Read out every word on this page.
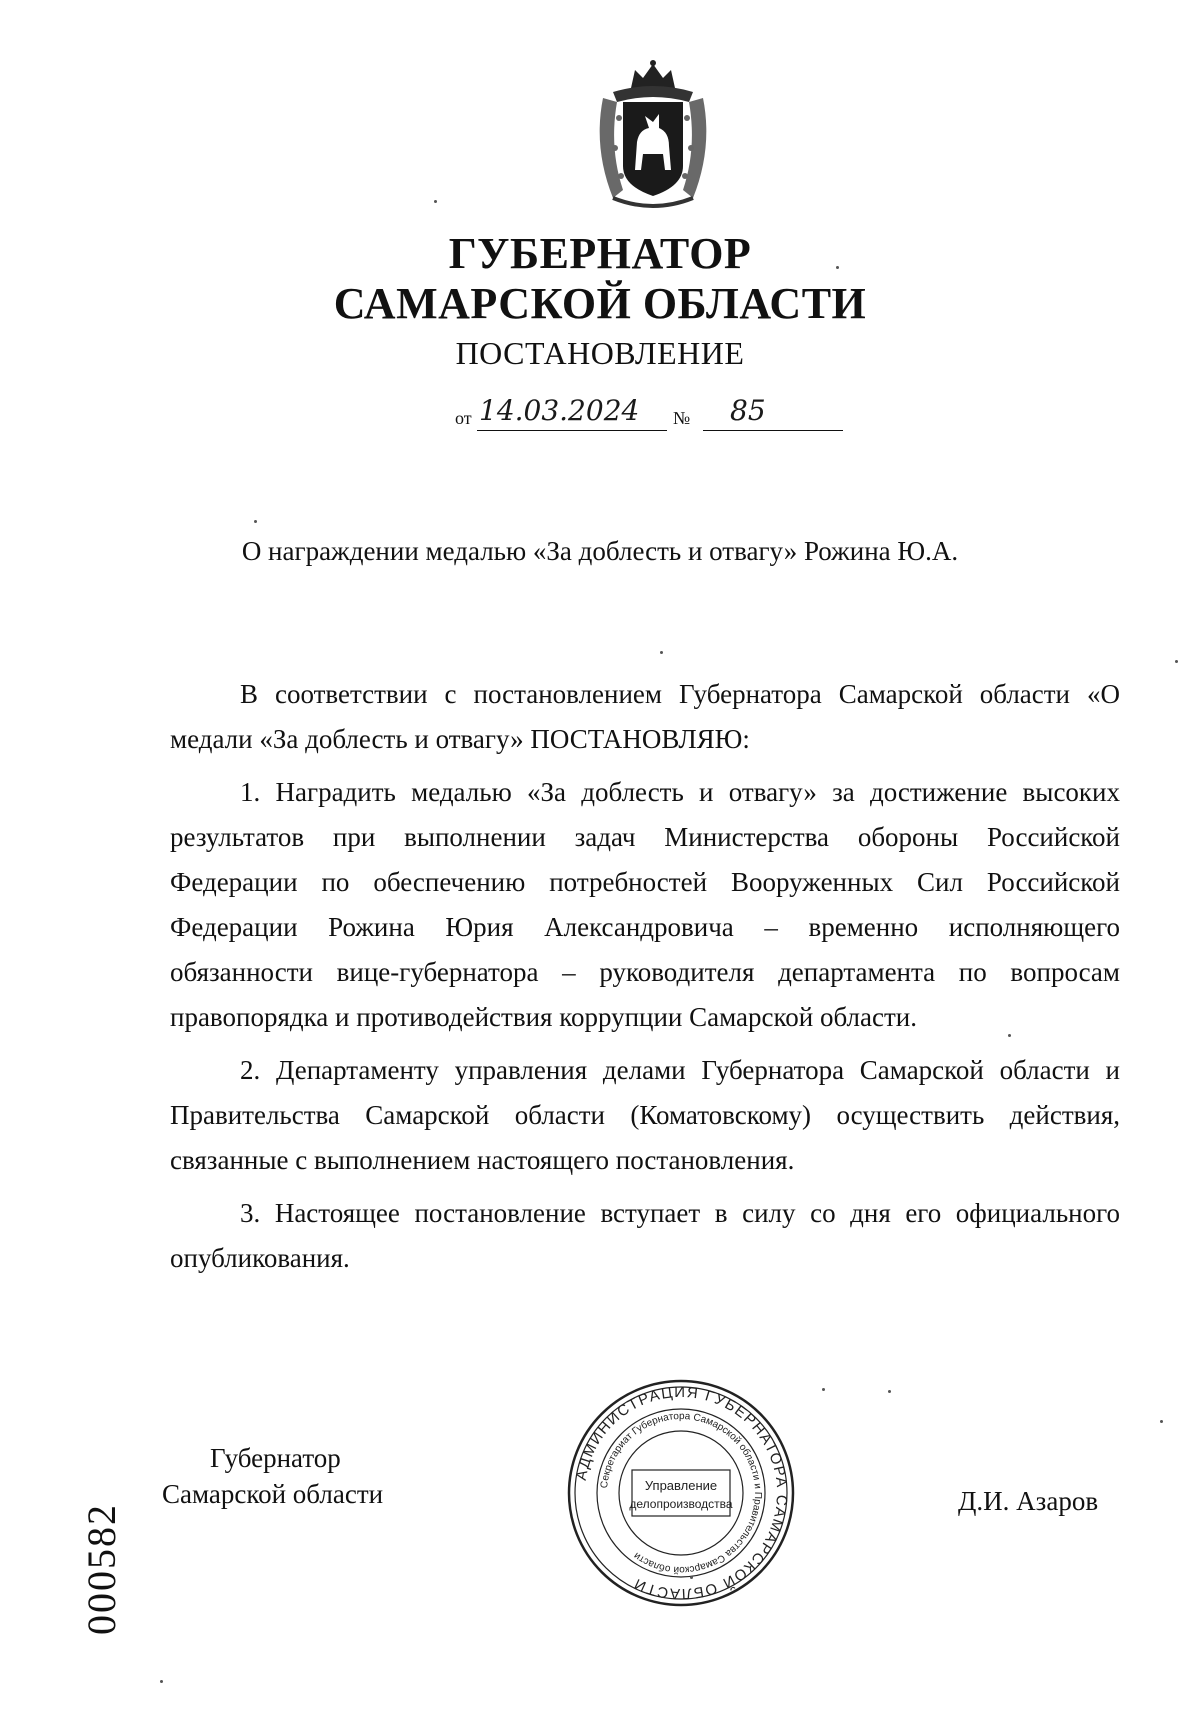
ГУБЕРНАТОР
САМАРСКОЙ ОБЛАСТИ
ПОСТАНОВЛЕНИЕ
от 14.03.2024 № 85
О награждении медалью «За доблесть и отвагу» Рожина Ю.А.

В соответствии с постановлением Губернатора Самарской области «О медали «За доблесть и отвагу» ПОСТАНОВЛЯЮ:

1. Наградить медалью «За доблесть и отвагу» за достижение высоких результатов при выполнении задач Министерства обороны Российской Федерации по обеспечению потребностей Вооруженных Сил Российской Федерации Рожина Юрия Александровича – временно исполняющего обязанности вице-губернатора – руководителя департамента по вопросам правопорядка и противодействия коррупции Самарской области.

2. Департаменту управления делами Губернатора Самарской области и Правительства Самарской области (Коматовскому) осуществить действия, связанные с выполнением настоящего постановления.

3. Настоящее постановление вступает в силу со дня его официального опубликования.

000582
Губернатор
Самарской области
АДМИНИСТРАЦИЯ ГУБЕРНАТОРА САМАРСКОЙ ОБЛАСТИ
Секретариат Губернатора Самарской области и Правительства Самарской области
Управление
делопроизводства	Д.И. Азаров
